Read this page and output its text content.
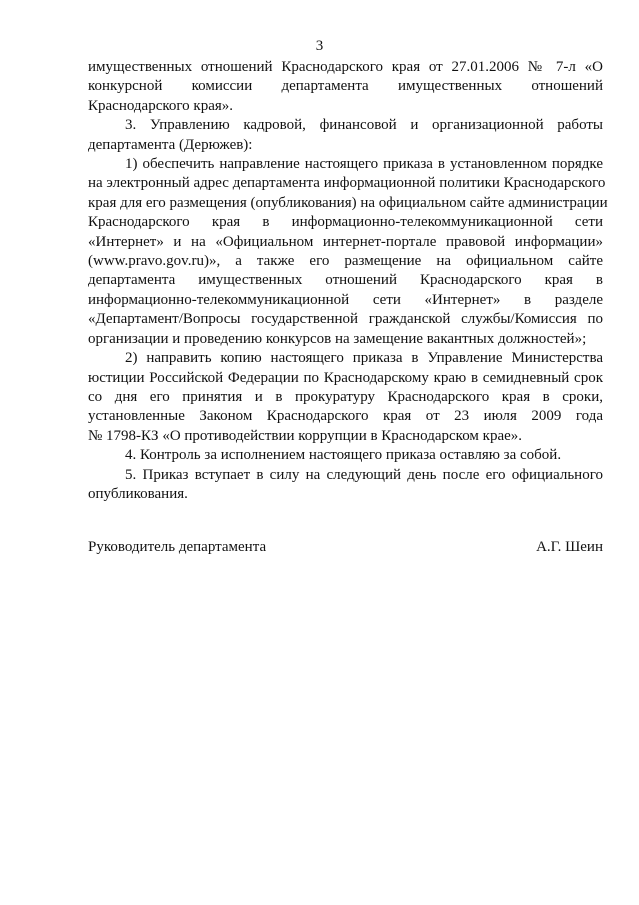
3

имущественных отношений Краснодарского края от 27.01.2006 № 7-л «О
конкурсной комиссии департамента имущественных отношений
Краснодарского края».

3. Управлению кадровой, финансовой и организационной работы
департамента (Дерюжев):

1) обеспечить направление настоящего приказа в установленном порядке
на электронный адрес департамента информационной политики Краснодарского
края для его размещения (опубликования) на официальном сайте администрации
Краснодарского края в информационно-телекоммуникационной сети
«Интернет» и на «Официальном интернет-портале правовой информации»
(www.pravo.gov.ru)», а также его размещение на официальном сайте
департамента имущественных отношений Краснодарского края в
информационно-телекоммуникационной сети «Интернет» в разделе
«Департамент/Вопросы государственной гражданской службы/Комиссия по
организации и проведению конкурсов на замещение вакантных должностей»;

2) направить копию настоящего приказа в Управление Министерства
юстиции Российской Федерации по Краснодарскому краю в семидневный срок
со дня его принятия и в прокуратуру Краснодарского края в сроки,
установленные Законом Краснодарского края от 23 июля 2009 года
№ 1798-КЗ «О противодействии коррупции в Краснодарском крае».

4. Контроль за исполнением настоящего приказа оставляю за собой.

5. Приказ вступает в силу на следующий день после его официального
опубликования.

Руководитель департамента	А.Г. Шеин
